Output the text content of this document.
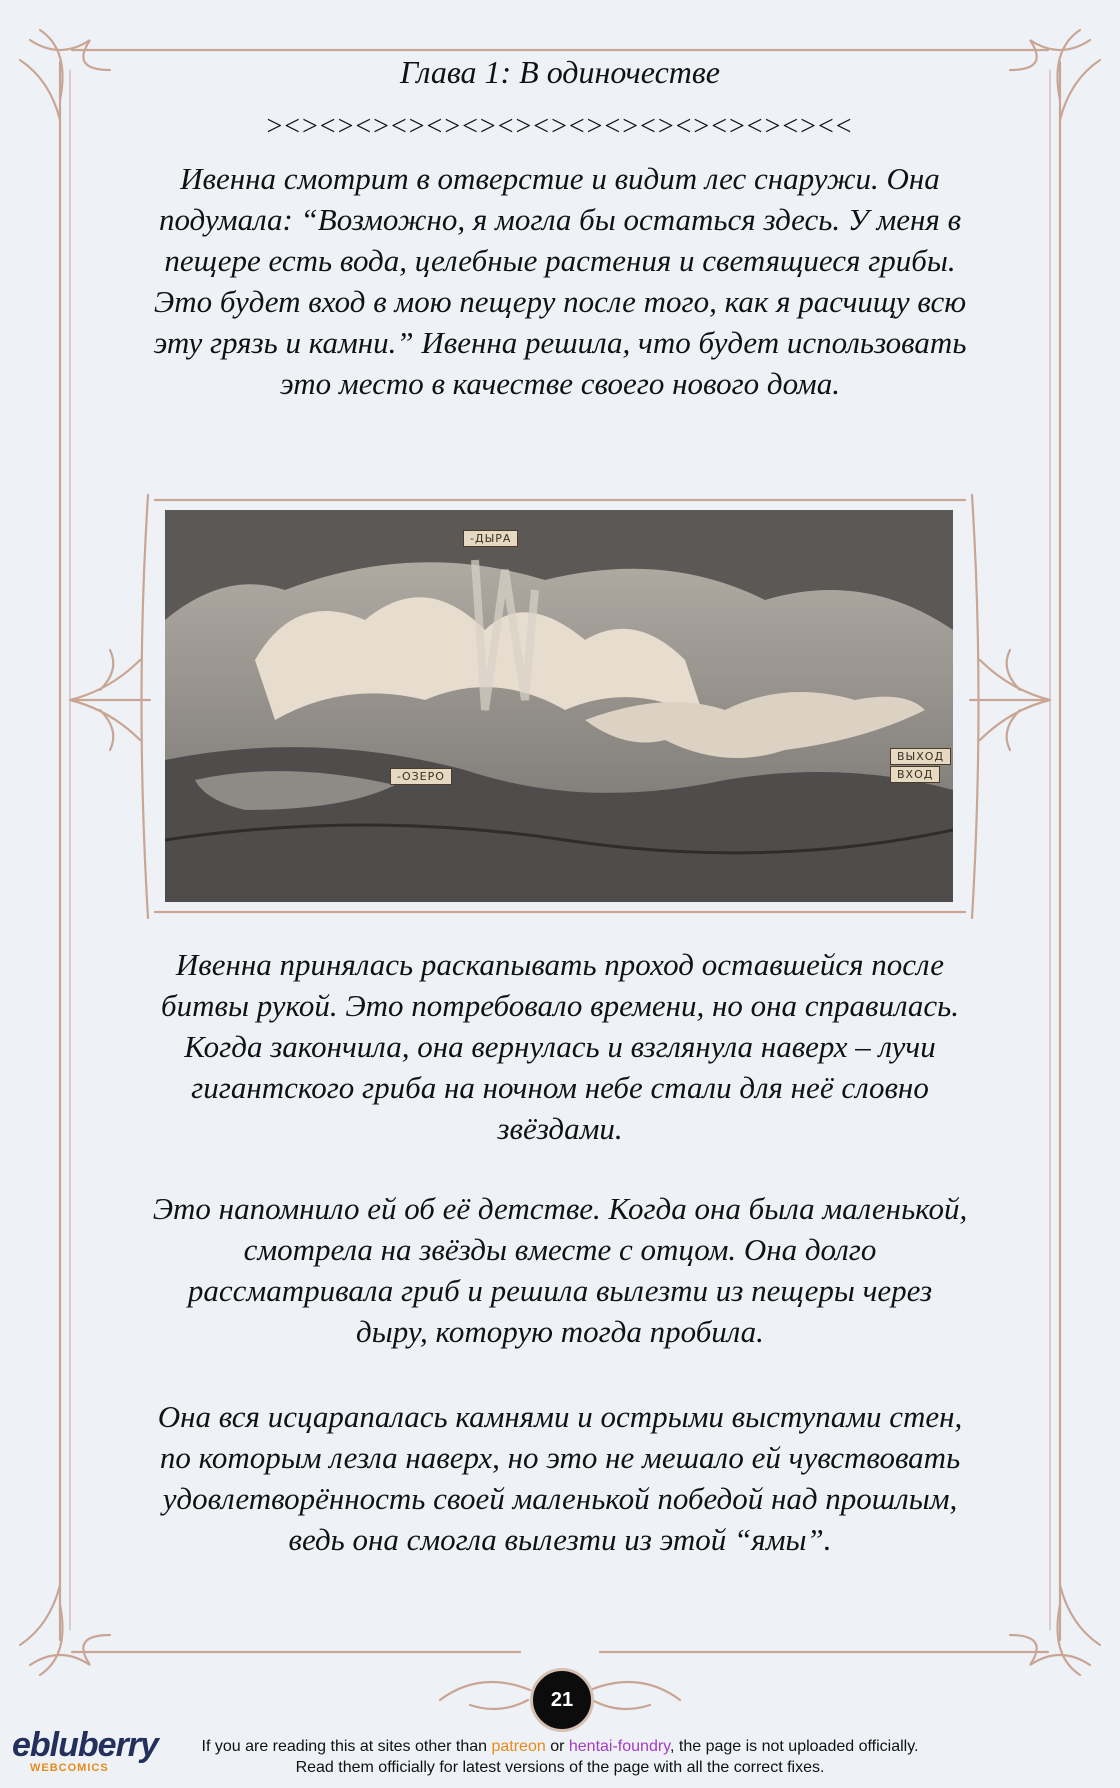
Глава 1: В одиночестве
><><><><><><><><><><><><><><><><<
Ивенна смотрит в отверстие и видит лес снаружи. Она подумала: “Возможно, я могла бы остаться здесь. У меня в пещере есть вода, целебные растения и светящиеся грибы. Это будет вход в мою пещеру после того, как я расчищу всю эту грязь и камни.” Ивенна решила, что будет использовать это место в качестве своего нового дома.
-ДЫРА
-ОЗЕРО
ВЫХОД
ВХОД
Ивенна принялась раскапывать проход оставшейся после битвы рукой. Это потребовало времени, но она справилась. Когда закончила, она вернулась и взглянула наверх – лучи гигантского гриба на ночном небе стали для неё словно звёздами.
Это напомнило ей об её детстве. Когда она была маленькой, смотрела на звёзды вместе с отцом. Она долго рассматривала гриб и решила вылезти из пещеры через дыру, которую тогда пробила.
Она вся исцарапалась камнями и острыми выступами стен, по которым лезла наверх, но это не мешало ей чувствовать удовлетворённость своей маленькой победой над прошлым, ведь она смогла вылезти из этой “ямы”.
21
ebluberry
WEBCOMICS
If you are reading this at sites other than patreon or hentai-foundry, the page is not uploaded officially.
Read them officially for latest versions of the page with all the correct fixes.
